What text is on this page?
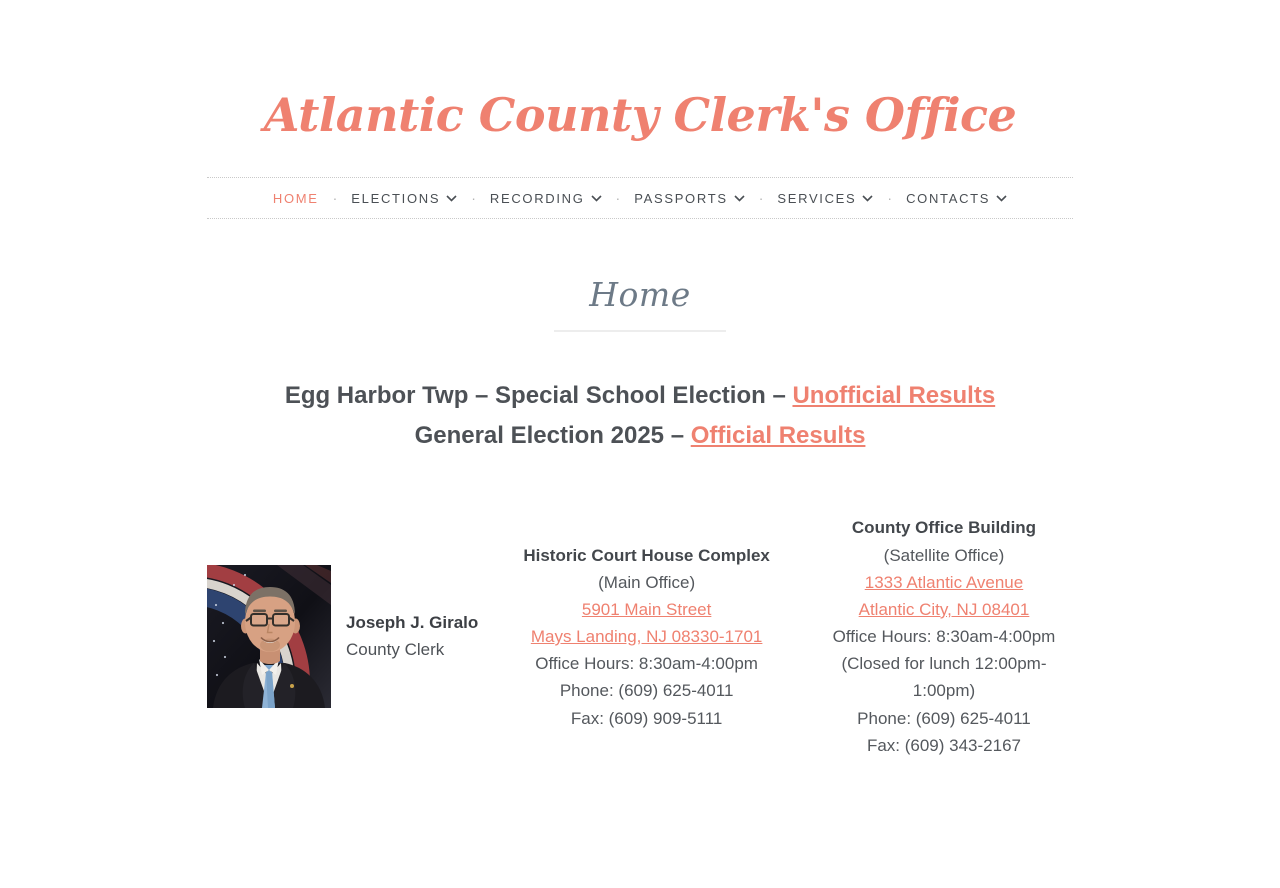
Atlantic County Clerk's Office
HOME ·	ELECTIONS ·	RECORDING ·	PASSPORTS ·	SERVICES ·	CONTACTS
Home

Egg Harbor Twp – Special School Election – Unofficial Results

General Election 2025 – Official Results

Joseph J. Giralo
County Clerk
Historic Court House Complex
(Main Office)
5901 Main Street
Mays Landing, NJ 08330-1701
Office Hours: 8:30am-4:00pm
Phone: (609) 625-4011
Fax: (609) 909-5111
County Office Building
(Satellite Office)
1333 Atlantic Avenue
Atlantic City, NJ 08401
Office Hours: 8:30am-4:00pm
(Closed for lunch 12:00pm-1:00pm)
Phone: (609) 625-4011
Fax: (609) 343-2167
